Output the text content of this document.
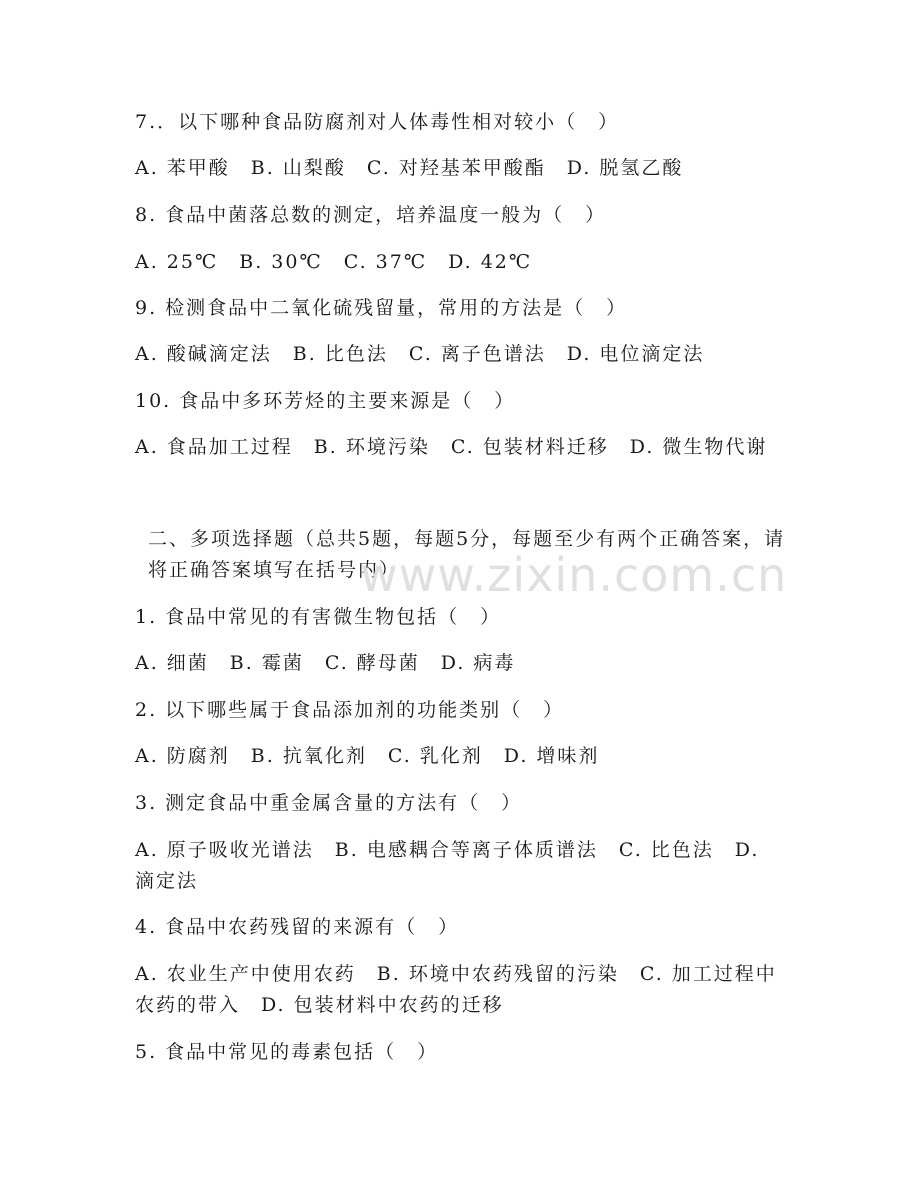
7.．以下哪种食品防腐剂对人体毒性相对较小（　）
A. 苯甲酸　B. 山梨酸　C. 对羟基苯甲酸酯　D. 脱氢乙酸
8. 食品中菌落总数的测定，培养温度一般为（　）
A. 25℃　B. 30℃　C. 37℃　D. 42℃
9. 检测食品中二氧化硫残留量，常用的方法是（　）
A. 酸碱滴定法　B. 比色法　C. 离子色谱法　D. 电位滴定法
10. 食品中多环芳烃的主要来源是（　）
A. 食品加工过程　B. 环境污染　C. 包装材料迁移　D. 微生物代谢
二、多项选择题（总共5题，每题5分，每题至少有两个正确答案，请将正确答案填写在括号内）
www.zixin.com.cn
1. 食品中常见的有害微生物包括（　）
A. 细菌　B. 霉菌　C. 酵母菌　D. 病毒
2. 以下哪些属于食品添加剂的功能类别（　）
A. 防腐剂　B. 抗氧化剂　C. 乳化剂　D. 增味剂
3. 测定食品中重金属含量的方法有（　）
A. 原子吸收光谱法　B. 电感耦合等离子体质谱法　C. 比色法　D. 滴定法
4. 食品中农药残留的来源有（　）
A. 农业生产中使用农药　B. 环境中农药残留的污染　C. 加工过程中农药的带入　D. 包装材料中农药的迁移
5. 食品中常见的毒素包括（　）
